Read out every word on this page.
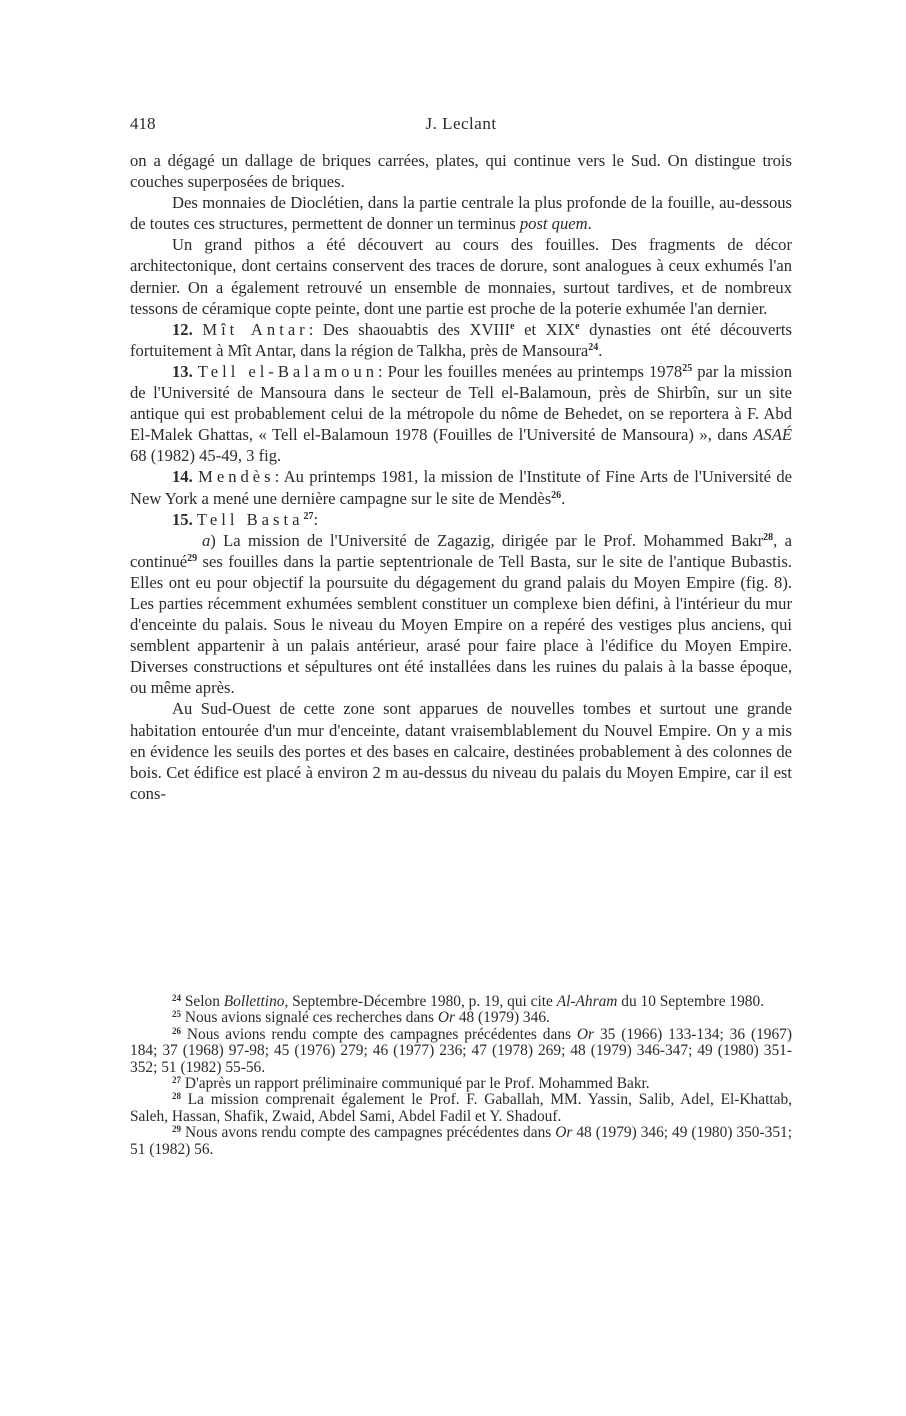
418	J. Leclant

on a dégagé un dallage de briques carrées, plates, qui continue vers le Sud. On distingue trois couches superposées de briques.

Des monnaies de Dioclétien, dans la partie centrale la plus profonde de la fouille, au-dessous de toutes ces structures, permettent de donner un terminus post quem.

Un grand pithos a été découvert au cours des fouilles. Des fragments de décor architectonique, dont certains conservent des traces de dorure, sont analogues à ceux exhumés l'an dernier. On a également retrouvé un ensemble de monnaies, surtout tardives, et de nombreux tessons de céramique copte peinte, dont une partie est proche de la poterie exhumée l'an dernier.

12. Mît Antar: Des shaouabtis des XVIIIe et XIXe dynasties ont été découverts fortuitement à Mît Antar, dans la région de Talkha, près de Mansoura$^{24}$.

13. Tell el-Balamoun: Pour les fouilles menées au printemps 1978$^{25}$ par la mission de l'Université de Mansoura dans le secteur de Tell el-Balamoun, près de Shirbîn, sur un site antique qui est probablement celui de la métropole du nôme de Behedet, on se reportera à F. Abd El-Malek Ghattas, « Tell el-Balamoun 1978 (Fouilles de l'Université de Mansoura) », dans ASAÉ 68 (1982) 45-49, 3 fig.

14. Mendès: Au printemps 1981, la mission de l'Institute of Fine Arts de l'Université de New York a mené une dernière campagne sur le site de Mendès$^{26}$.

15. Tell Basta$^{27}$:

a) La mission de l'Université de Zagazig, dirigée par le Prof. Mohammed Bakr$^{28}$, a continué$^{29}$ ses fouilles dans la partie septentrionale de Tell Basta, sur le site de l'antique Bubastis. Elles ont eu pour objectif la poursuite du dégagement du grand palais du Moyen Empire (fig. 8). Les parties récemment exhumées semblent constituer un complexe bien défini, à l'intérieur du mur d'enceinte du palais. Sous le niveau du Moyen Empire on a repéré des vestiges plus anciens, qui semblent appartenir à un palais antérieur, arasé pour faire place à l'édifice du Moyen Empire. Diverses constructions et sépultures ont été installées dans les ruines du palais à la basse époque, ou même après.

Au Sud-Ouest de cette zone sont apparues de nouvelles tombes et surtout une grande habitation entourée d'un mur d'enceinte, datant vraisemblablement du Nouvel Empire. On y a mis en évidence les seuils des portes et des bases en calcaire, destinées probablement à des colonnes de bois. Cet édifice est placé à environ 2 m au-dessus du niveau du palais du Moyen Empire, car il est cons-

$^{24}$ Selon Bollettino, Septembre-Décembre 1980, p. 19, qui cite Al-Ahram du 10 Septembre 1980.

$^{25}$ Nous avions signalé ces recherches dans Or 48 (1979) 346.

$^{26}$ Nous avions rendu compte des campagnes précédentes dans Or 35 (1966) 133-134; 36 (1967) 184; 37 (1968) 97-98; 45 (1976) 279; 46 (1977) 236; 47 (1978) 269; 48 (1979) 346-347; 49 (1980) 351-352; 51 (1982) 55-56.

$^{27}$ D'après un rapport préliminaire communiqué par le Prof. Mohammed Bakr.

$^{28}$ La mission comprenait également le Prof. F. Gaballah, MM. Yassin, Salib, Adel, El-Khattab, Saleh, Hassan, Shafik, Zwaid, Abdel Sami, Abdel Fadil et Y. Shadouf.

$^{29}$ Nous avons rendu compte des campagnes précédentes dans Or 48 (1979) 346; 49 (1980) 350-351; 51 (1982) 56.
